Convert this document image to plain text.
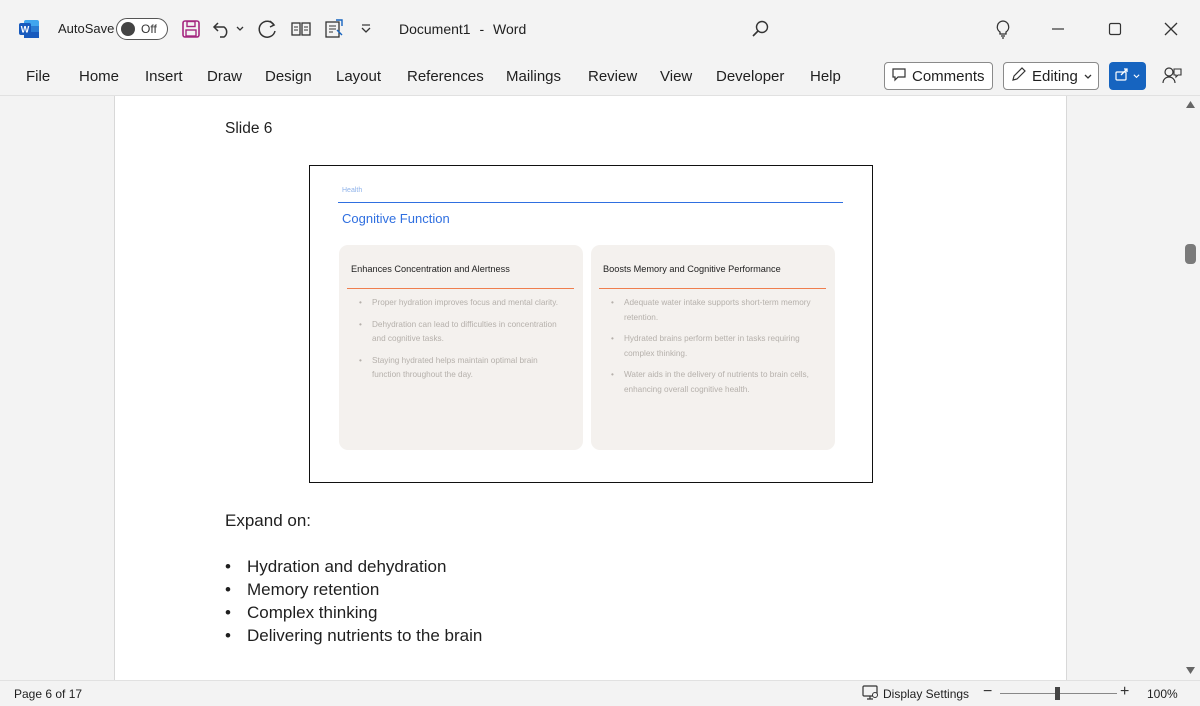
W AutoSave Off	Document1 - Word
File Home Insert Draw Design Layout References Mailings Review View Developer Help	Comments	Editing
Slide 6
Health
Cognitive Function
Enhances Concentration and Alertness
• Proper hydration improves focus and mental clarity.
• Dehydration can lead to difficulties in concentration and cognitive tasks.
• Staying hydrated helps maintain optimal brain function throughout the day.
Boosts Memory and Cognitive Performance
• Adequate water intake supports short-term memory retention.
• Hydrated brains perform better in tasks requiring complex thinking.
• Water aids in the delivery of nutrients to brain cells, enhancing overall cognitive health.
Expand on:
• Hydration and dehydration
• Memory retention
• Complex thinking
• Delivering nutrients to the brain
Page 6 of 17	Display Settings −	+ 100%
